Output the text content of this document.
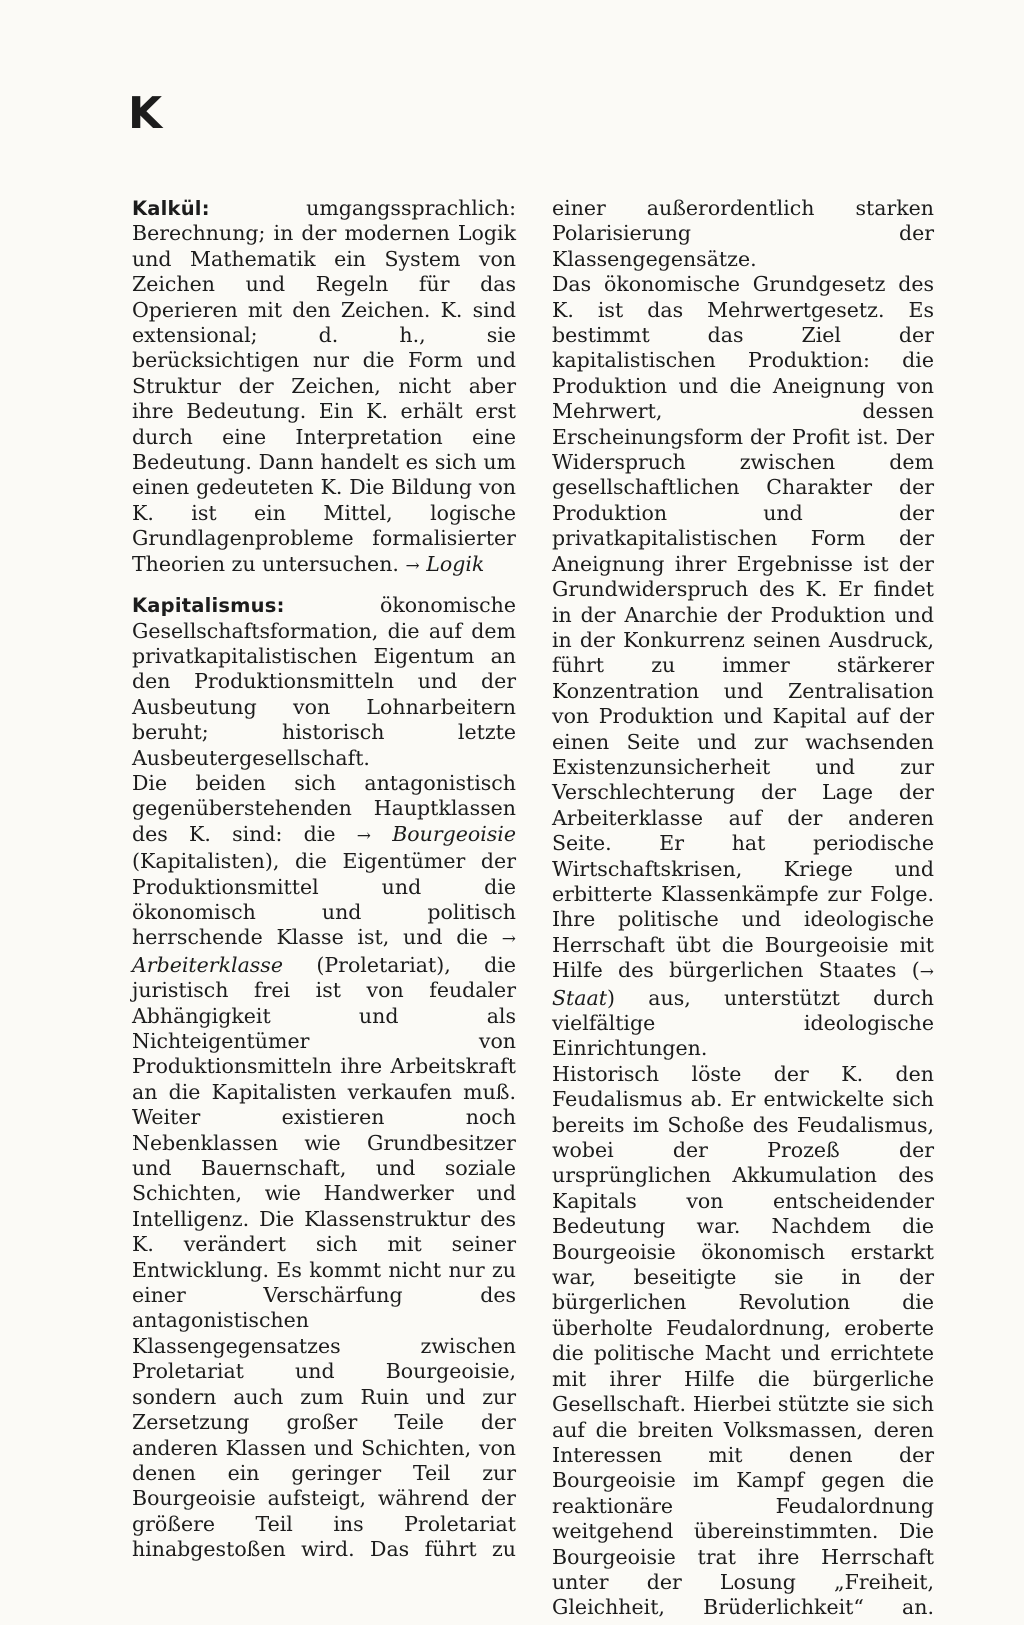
K

Kalkül: umgangssprachlich: Berechnung; in der modernen Logik und Mathematik ein System von Zeichen und Regeln für das Operieren mit den Zeichen. K. sind extensional; d. h., sie berücksichtigen nur die Form und Struktur der Zeichen, nicht aber ihre Bedeutung. Ein K. erhält erst durch eine Interpretation eine Bedeutung. Dann handelt es sich um einen gedeuteten K. Die Bildung von K. ist ein Mittel, logische Grundlagenprobleme formalisierter Theorien zu untersuchen. → Logik

Kapitalismus: ökonomische Gesellschaftsformation, die auf dem privatkapitalistischen Eigentum an den Produktionsmitteln und der Ausbeutung von Lohnarbeitern beruht; historisch letzte Ausbeutergesellschaft.

Die beiden sich antagonistisch gegenüberstehenden Hauptklassen des K. sind: die → Bourgeoisie (Kapitalisten), die Eigentümer der Produktionsmittel und die ökonomisch und politisch herrschende Klasse ist, und die → Arbeiterklasse (Proletariat), die juristisch frei ist von feudaler Abhängigkeit und als Nichteigentümer von Produktionsmitteln ihre Arbeitskraft an die Kapitalisten verkaufen muß. Weiter existieren noch Nebenklassen wie Grundbesitzer und Bauernschaft, und soziale Schichten, wie Handwerker und Intelligenz. Die Klassenstruktur des K. verändert sich mit seiner Entwicklung. Es kommt nicht nur zu einer Verschärfung des antagonistischen Klassengegensatzes zwischen Proletariat und Bourgeoisie, sondern auch zum Ruin und zur Zersetzung großer Teile der anderen Klassen und Schichten, von denen ein geringer Teil zur Bourgeoisie aufsteigt, während der größere Teil ins Proletariat hinabgestoßen wird. Das führt zu

einer außerordentlich starken Polarisierung der Klassengegensätze.

Das ökonomische Grundgesetz des K. ist das Mehrwertgesetz. Es bestimmt das Ziel der kapitalistischen Produktion: die Produktion und die Aneignung von Mehrwert, dessen Erscheinungsform der Profit ist. Der Widerspruch zwischen dem gesellschaftlichen Charakter der Produktion und der privatkapitalistischen Form der Aneignung ihrer Ergebnisse ist der Grundwiderspruch des K. Er findet in der Anarchie der Produktion und in der Konkurrenz seinen Ausdruck, führt zu immer stärkerer Konzentration und Zentralisation von Produktion und Kapital auf der einen Seite und zur wachsenden Existenzunsicherheit und zur Verschlechterung der Lage der Arbeiterklasse auf der anderen Seite. Er hat periodische Wirtschaftskrisen, Kriege und erbitterte Klassenkämpfe zur Folge. Ihre politische und ideologische Herrschaft übt die Bourgeoisie mit Hilfe des bürgerlichen Staates (→ Staat) aus, unterstützt durch vielfältige ideologische Einrichtungen.

Historisch löste der K. den Feudalismus ab. Er entwickelte sich bereits im Schoße des Feudalismus, wobei der Prozeß der ursprünglichen Akkumulation des Kapitals von entscheidender Bedeutung war. Nachdem die Bourgeoisie ökonomisch erstarkt war, beseitigte sie in der bürgerlichen Revolution die überholte Feudalordnung, eroberte die politische Macht und errichtete mit ihrer Hilfe die bürgerliche Gesellschaft. Hierbei stützte sie sich auf die breiten Volksmassen, deren Interessen mit denen der Bourgeoisie im Kampf gegen die reaktionäre Feudalordnung weitgehend übereinstimmten. Die Bourgeoisie trat ihre Herrschaft unter der Losung „Freiheit, Gleichheit, Brüderlichkeit“ an.
